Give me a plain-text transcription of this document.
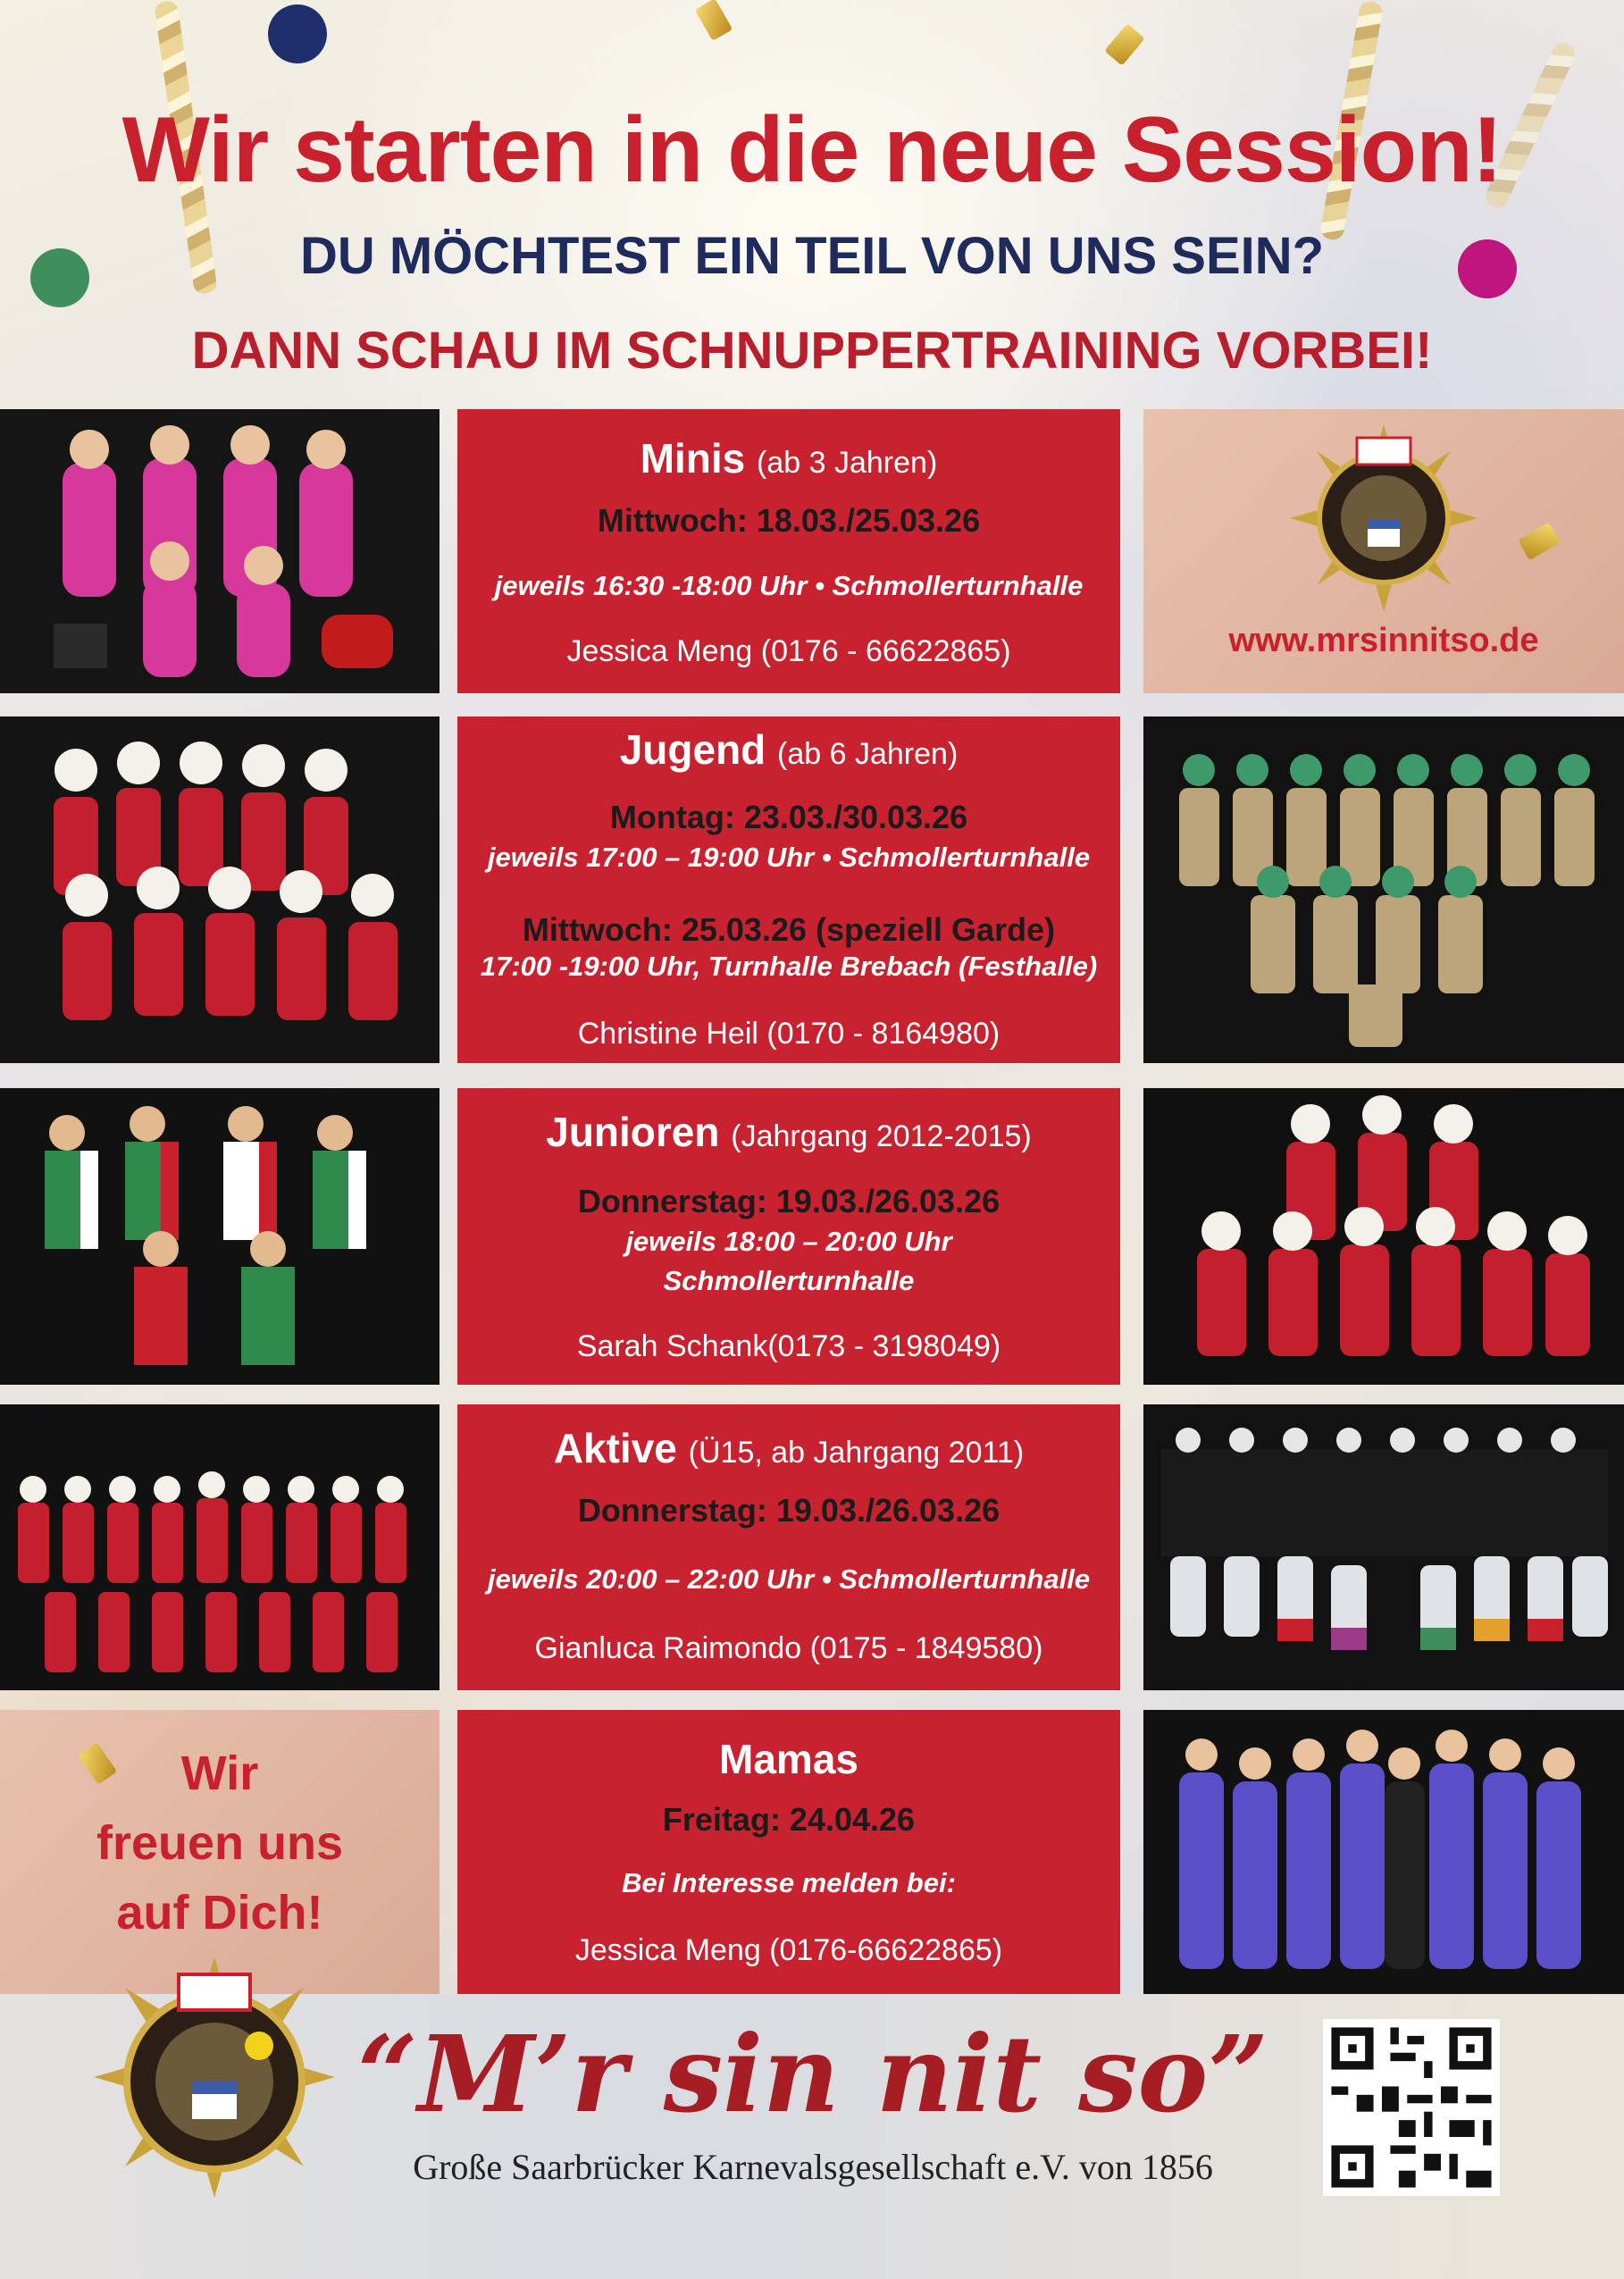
Wir starten in die neue Session!
DU MÖCHTEST EIN TEIL VON UNS SEIN?
DANN SCHAU IM SCHNUPPERTRAINING VORBEI!
Minis (ab 3 Jahren)
Mittwoch: 18.03./25.03.26
jeweils 16:30 -18:00 Uhr • Schmollerturnhalle
Jessica Meng (0176 - 66622865)	www.mrsinnitso.de
Jugend (ab 6 Jahren)
Montag: 23.03./30.03.26
jeweils 17:00 – 19:00 Uhr • Schmollerturnhalle
Mittwoch: 25.03.26 (speziell Garde)
17:00 -19:00 Uhr, Turnhalle Brebach (Festhalle)
Christine Heil (0170 - 8164980)
Junioren (Jahrgang 2012-2015)
Donnerstag: 19.03./26.03.26
jeweils 18:00 – 20:00 Uhr
Schmollerturnhalle
Sarah Schank(0173 - 3198049)
Aktive (Ü15, ab Jahrgang 2011)
Donnerstag: 19.03./26.03.26
jeweils 20:00 – 22:00 Uhr • Schmollerturnhalle
Gianluca Raimondo (0175 - 1849580)
Wir
freuen uns
auf Dich!
Mamas
Freitag: 24.04.26
Bei Interesse melden bei:
Jessica Meng (0176-66622865)
“M’r sin nit so”
Große Saarbrücker Karnevalsgesellschaft e.V. von 1856
